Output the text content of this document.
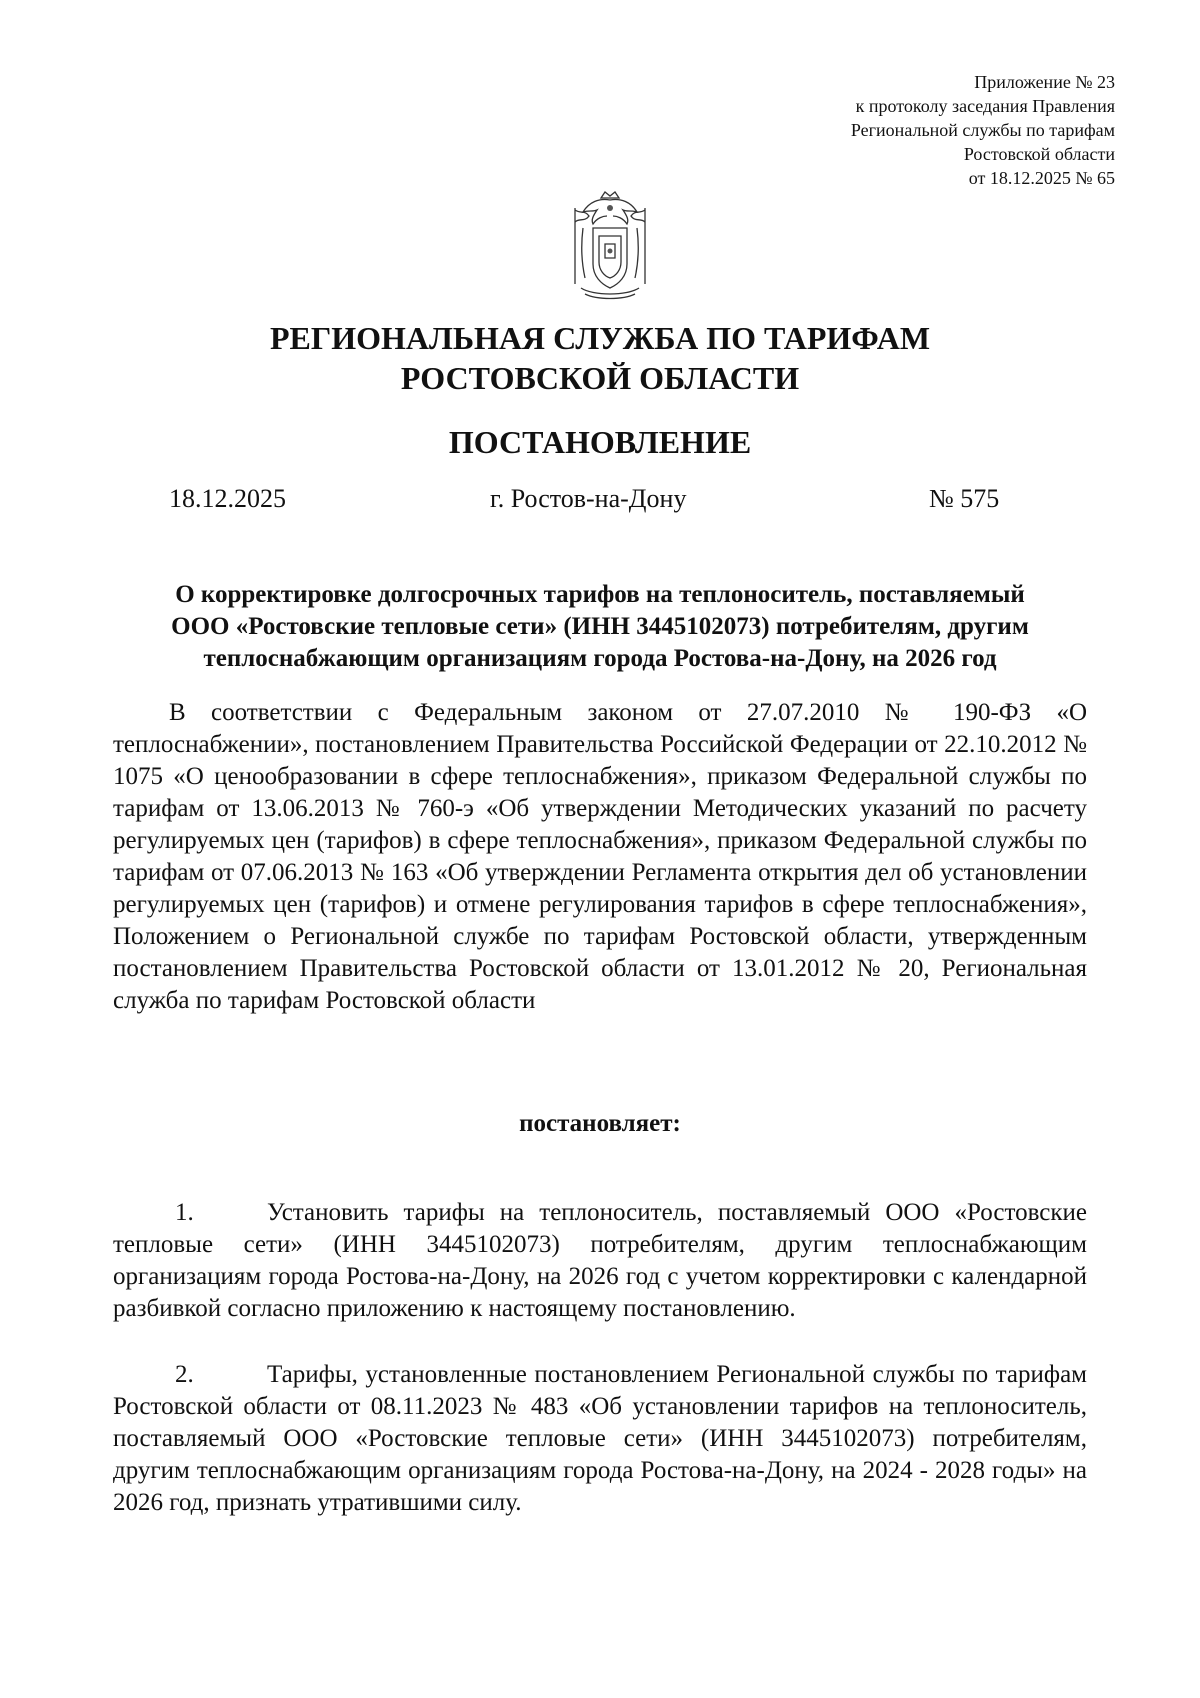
Приложение № 23
к протоколу заседания Правления
Региональной службы по тарифам
Ростовской области
от 18.12.2025 № 65
РЕГИОНАЛЬНАЯ СЛУЖБА ПО ТАРИФАМ
РОСТОВСКОЙ ОБЛАСТИ
ПОСТАНОВЛЕНИЕ
18.12.2025	г. Ростов-на-Дону	№ 575
О корректировке долгосрочных тарифов на теплоноситель, поставляемый
ООО «Ростовские тепловые сети» (ИНН 3445102073) потребителям, другим
теплоснабжающим организациям города Ростова-на-Дону, на 2026 год
В соответствии с Федеральным законом от 27.07.2010 № 190-ФЗ «О теплоснабжении», постановлением Правительства Российской Федерации от 22.10.2012 № 1075 «О ценообразовании в сфере теплоснабжения», приказом Федеральной службы по тарифам от 13.06.2013 № 760-э «Об утверждении Методических указаний по расчету регулируемых цен (тарифов) в сфере теплоснабжения», приказом Федеральной службы по тарифам от 07.06.2013 № 163 «Об утверждении Регламента открытия дел об установлении регулируемых цен (тарифов) и отмене регулирования тарифов в сфере теплоснабжения», Положением о Региональной службе по тарифам Ростовской области, утвержденным постановлением Правительства Ростовской области от 13.01.2012 № 20, Региональная служба по тарифам Ростовской области
постановляет:
1.	Установить тарифы на теплоноситель, поставляемый ООО «Ростовские тепловые сети» (ИНН 3445102073) потребителям, другим теплоснабжающим организациям города Ростова-на-Дону, на 2026 год с учетом корректировки с календарной разбивкой согласно приложению к настоящему постановлению.
2.	Тарифы, установленные постановлением Региональной службы по тарифам Ростовской области от 08.11.2023 № 483 «Об установлении тарифов на теплоноситель, поставляемый ООО «Ростовские тепловые сети» (ИНН 3445102073) потребителям, другим теплоснабжающим организациям города Ростова-на-Дону, на 2024 - 2028 годы» на 2026 год, признать утратившими силу.
